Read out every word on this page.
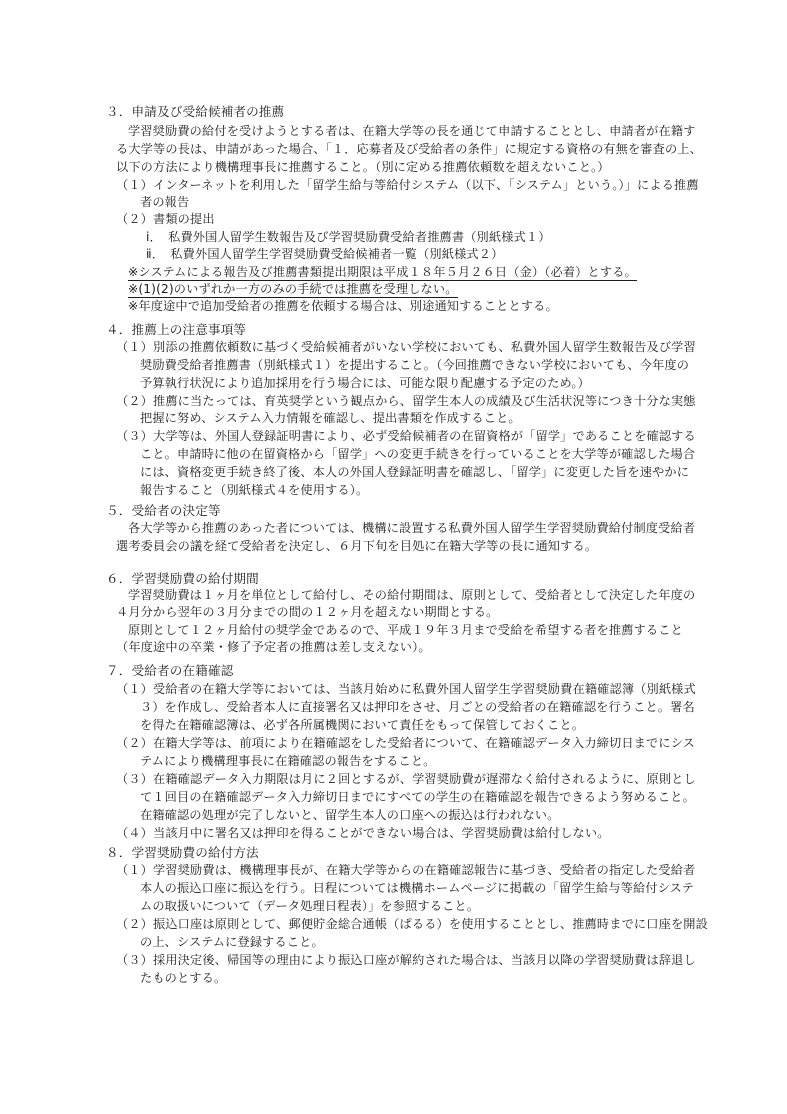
３．申請及び受給候補者の推薦
学習奨励費の給付を受けようとする者は、在籍大学等の長を通じて申請することとし、申請者が在籍す
る大学等の長は、申請があった場合、「１．応募者及び受給者の条件」に規定する資格の有無を審査の上、
以下の方法により機構理事長に推薦すること。（別に定める推薦依頼数を超えないこと。）
（１）インターネットを利用した「留学生給与等給付システム（以下、「システム」という。）」による推薦
者の報告
（２）書類の提出
ⅰ．　私費外国人留学生数報告及び学習奨励費受給者推薦書（別紙様式１）
ⅱ．　私費外国人留学生学習奨励費受給候補者一覧（別紙様式２）
※システムによる報告及び推薦書類提出期限は平成１８年５月２６日（金）（必着）とする。
※(1)(2)のいずれか一方のみの手続では推薦を受理しない。
※年度途中で追加受給者の推薦を依頼する場合は、別途通知することとする。
４．推薦上の注意事項等
（１）別添の推薦依頼数に基づく受給候補者がいない学校においても、私費外国人留学生数報告及び学習
奨励費受給者推薦書（別紙様式１）を提出すること。（今回推薦できない学校においても、今年度の
予算執行状況により追加採用を行う場合には、可能な限り配慮する予定のため。）
（２）推薦に当たっては、育英奨学という観点から、留学生本人の成績及び生活状況等につき十分な実態
把握に努め、システム入力情報を確認し、提出書類を作成すること。
（３）大学等は、外国人登録証明書により、必ず受給候補者の在留資格が「留学」であることを確認する
こと。申請時に他の在留資格から「留学」への変更手続きを行っていることを大学等が確認した場合
には、資格変更手続き終了後、本人の外国人登録証明書を確認し、「留学」に変更した旨を速やかに
報告すること（別紙様式４を使用する）。
５．受給者の決定等
各大学等から推薦のあった者については、機構に設置する私費外国人留学生学習奨励費給付制度受給者
選考委員会の議を経て受給者を決定し、６月下旬を目処に在籍大学等の長に通知する。
６．学習奨励費の給付期間
学習奨励費は１ヶ月を単位として給付し、その給付期間は、原則として、受給者として決定した年度の
４月分から翌年の３月分までの間の１２ヶ月を超えない期間とする。
原則として１２ヶ月給付の奨学金であるので、平成１９年３月まで受給を希望する者を推薦すること
（年度途中の卒業・修了予定者の推薦は差し支えない）。
７．受給者の在籍確認
（１）受給者の在籍大学等においては、当該月始めに私費外国人留学生学習奨励費在籍確認簿（別紙様式
３）を作成し、受給者本人に直接署名又は押印をさせ、月ごとの受給者の在籍確認を行うこと。署名
を得た在籍確認簿は、必ず各所属機関において責任をもって保管しておくこと。
（２）在籍大学等は、前項により在籍確認をした受給者について、在籍確認データ入力締切日までにシス
テムにより機構理事長に在籍確認の報告をすること。
（３）在籍確認データ入力期限は月に２回とするが、学習奨励費が遅滞なく給付されるように、原則とし
て１回目の在籍確認データ入力締切日までにすべての学生の在籍確認を報告できるよう努めること。
在籍確認の処理が完了しないと、留学生本人の口座への振込は行われない。
（４）当該月中に署名又は押印を得ることができない場合は、学習奨励費は給付しない。
８．学習奨励費の給付方法
（１）学習奨励費は、機構理事長が、在籍大学等からの在籍確認報告に基づき、受給者の指定した受給者
本人の振込口座に振込を行う。日程については機構ホームページに掲載の「留学生給与等給付システ
ムの取扱いについて（データ処理日程表）」を参照すること。
（２）振込口座は原則として、郵便貯金総合通帳（ぱるる）を使用することとし、推薦時までに口座を開設
の上、システムに登録すること。
（３）採用決定後、帰国等の理由により振込口座が解約された場合は、当該月以降の学習奨励費は辞退し
たものとする。
